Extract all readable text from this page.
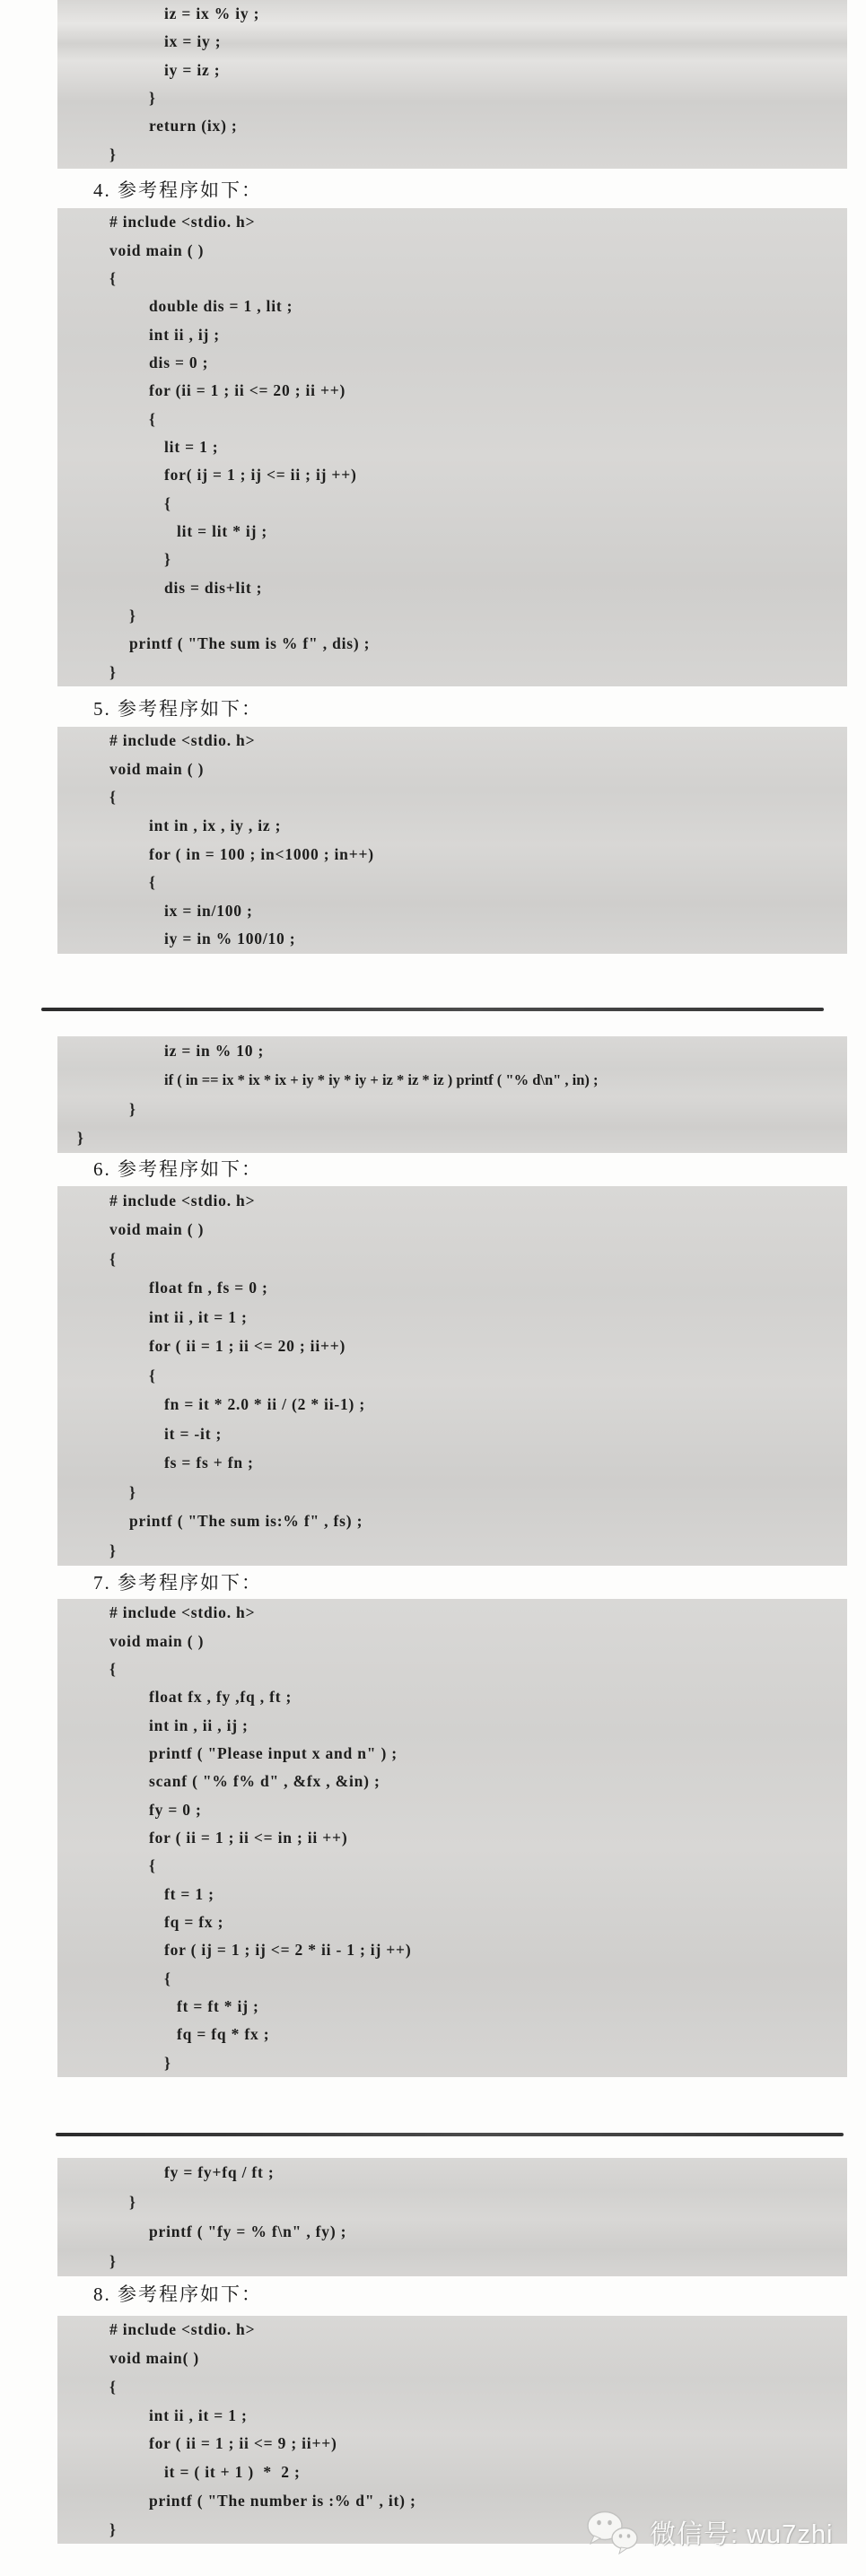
iz = ix % iy ;
ix = iy ;
iy = iz ;
}
return (ix) ;
}
4. 参考程序如下：
# include <stdio. h>
void main ( )
{
double dis = 1 , lit ;
int ii , ij ;
dis = 0 ;
for (ii = 1 ; ii <= 20 ; ii ++)
{
lit = 1 ;
for( ij = 1 ; ij <= ii ; ij ++)
{
lit = lit * ij ;
}
dis = dis+lit ;
}
printf ( "The sum is % f" , dis) ;
}
5. 参考程序如下：
# include <stdio. h>
void main ( )
{
int in , ix , iy , iz ;
for ( in = 100 ; in<1000 ; in++)
{
ix = in/100 ;
iy = in % 100/10 ;
iz = in % 10 ;
if ( in == ix * ix * ix + iy * iy * iy + iz * iz * iz ) printf ( "% d\n" , in) ;
}
}
6. 参考程序如下：
# include <stdio. h>
void main ( )
{
float fn , fs = 0 ;
int ii , it = 1 ;
for ( ii = 1 ; ii <= 20 ; ii++)
{
fn = it * 2.0 * ii / (2 * ii-1) ;
it = -it ;
fs = fs + fn ;
}
printf ( "The sum is:% f" , fs) ;
}
7. 参考程序如下：
# include <stdio. h>
void main ( )
{
float fx , fy ,fq , ft ;
int in , ii , ij ;
printf ( "Please input x and n" ) ;
scanf ( "% f% d" , &fx , &in) ;
fy = 0 ;
for ( ii = 1 ; ii <= in ; ii ++)
{
ft = 1 ;
fq = fx ;
for ( ij = 1 ; ij <= 2 * ii - 1 ; ij ++)
{
ft = ft * ij ;
fq = fq * fx ;
}
fy = fy+fq / ft ;
}
printf ( "fy = % f\n" , fy) ;
}
8. 参考程序如下：
# include <stdio. h>
void main( )
{
int ii , it = 1 ;
for ( ii = 1 ; ii <= 9 ; ii++)
it = ( it + 1 )  *  2 ;
printf ( "The number is :% d" , it) ;
}	微信号: wu7zhi
